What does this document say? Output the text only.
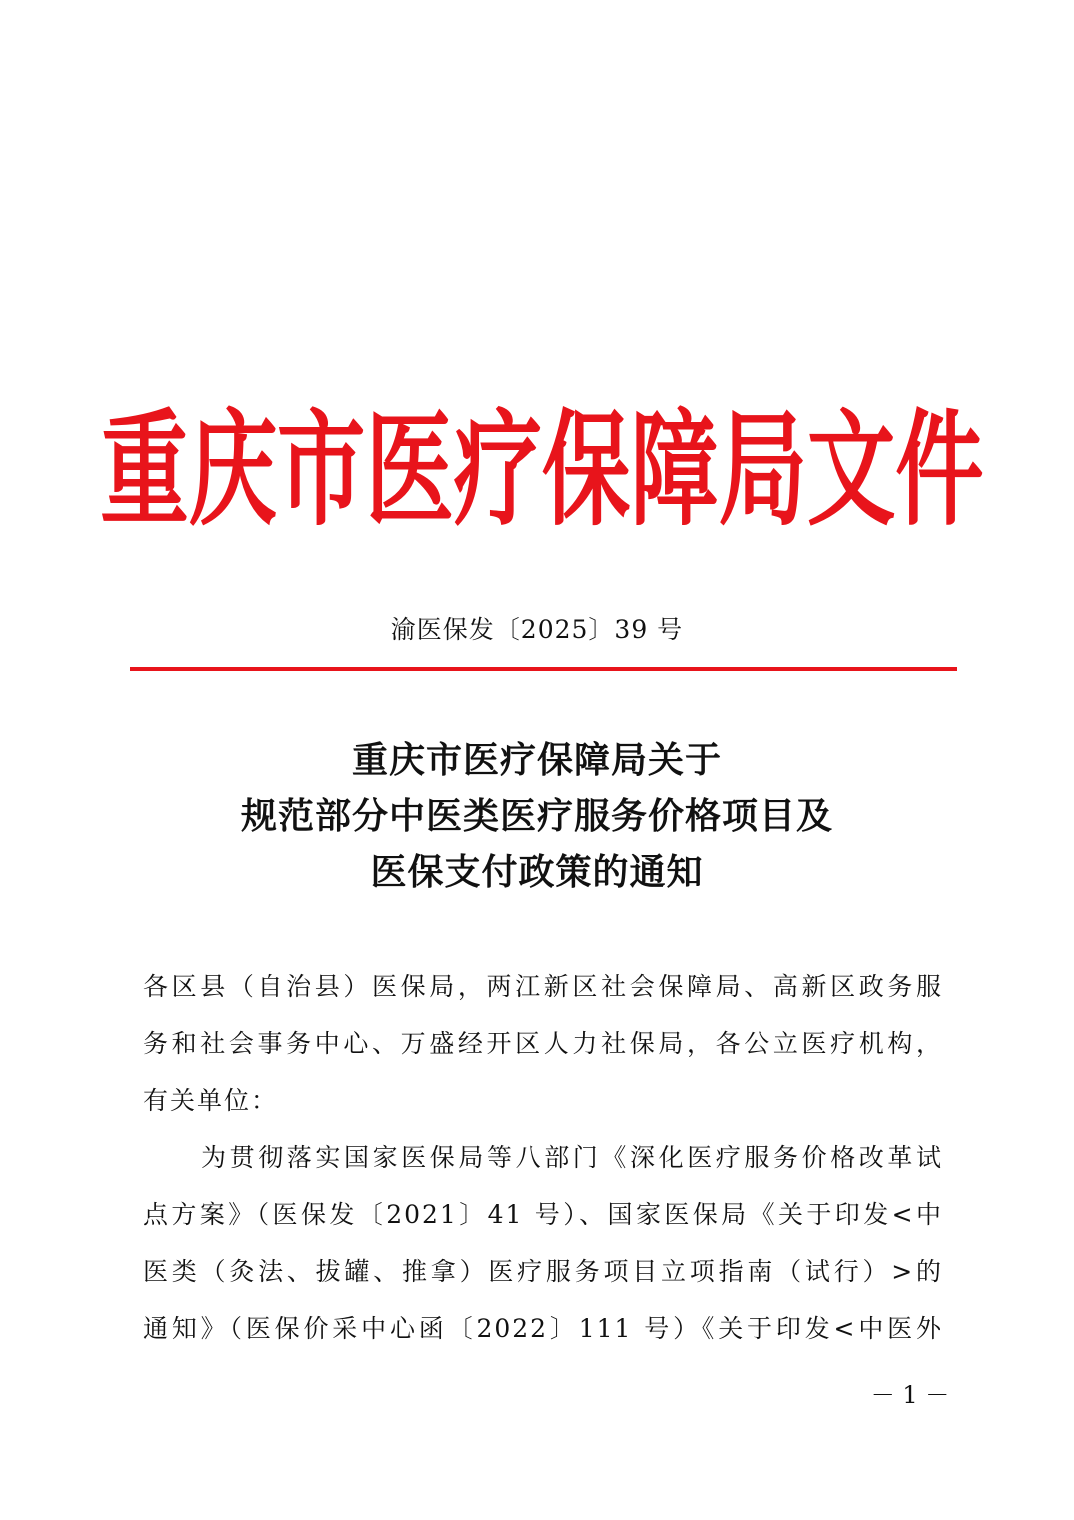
重庆市医疗保障局文件
渝医保发〔2025〕39 号
重庆市医疗保障局关于
规范部分中医类医疗服务价格项目及
医保支付政策的通知
各区县（自治县）医保局，两江新区社会保障局、高新区政务服
务和社会事务中心、万盛经开区人力社保局，各公立医疗机构，
有关单位：
为贯彻落实国家医保局等八部门《深化医疗服务价格改革试
点方案》（医保发〔2021〕41 号）、国家医保局《关于印发<中
医类（灸法、拔罐、推拿）医疗服务项目立项指南（试行）>的
通知》（医保价采中心函〔2022〕111 号）《关于印发<中医外
－ 1 －
